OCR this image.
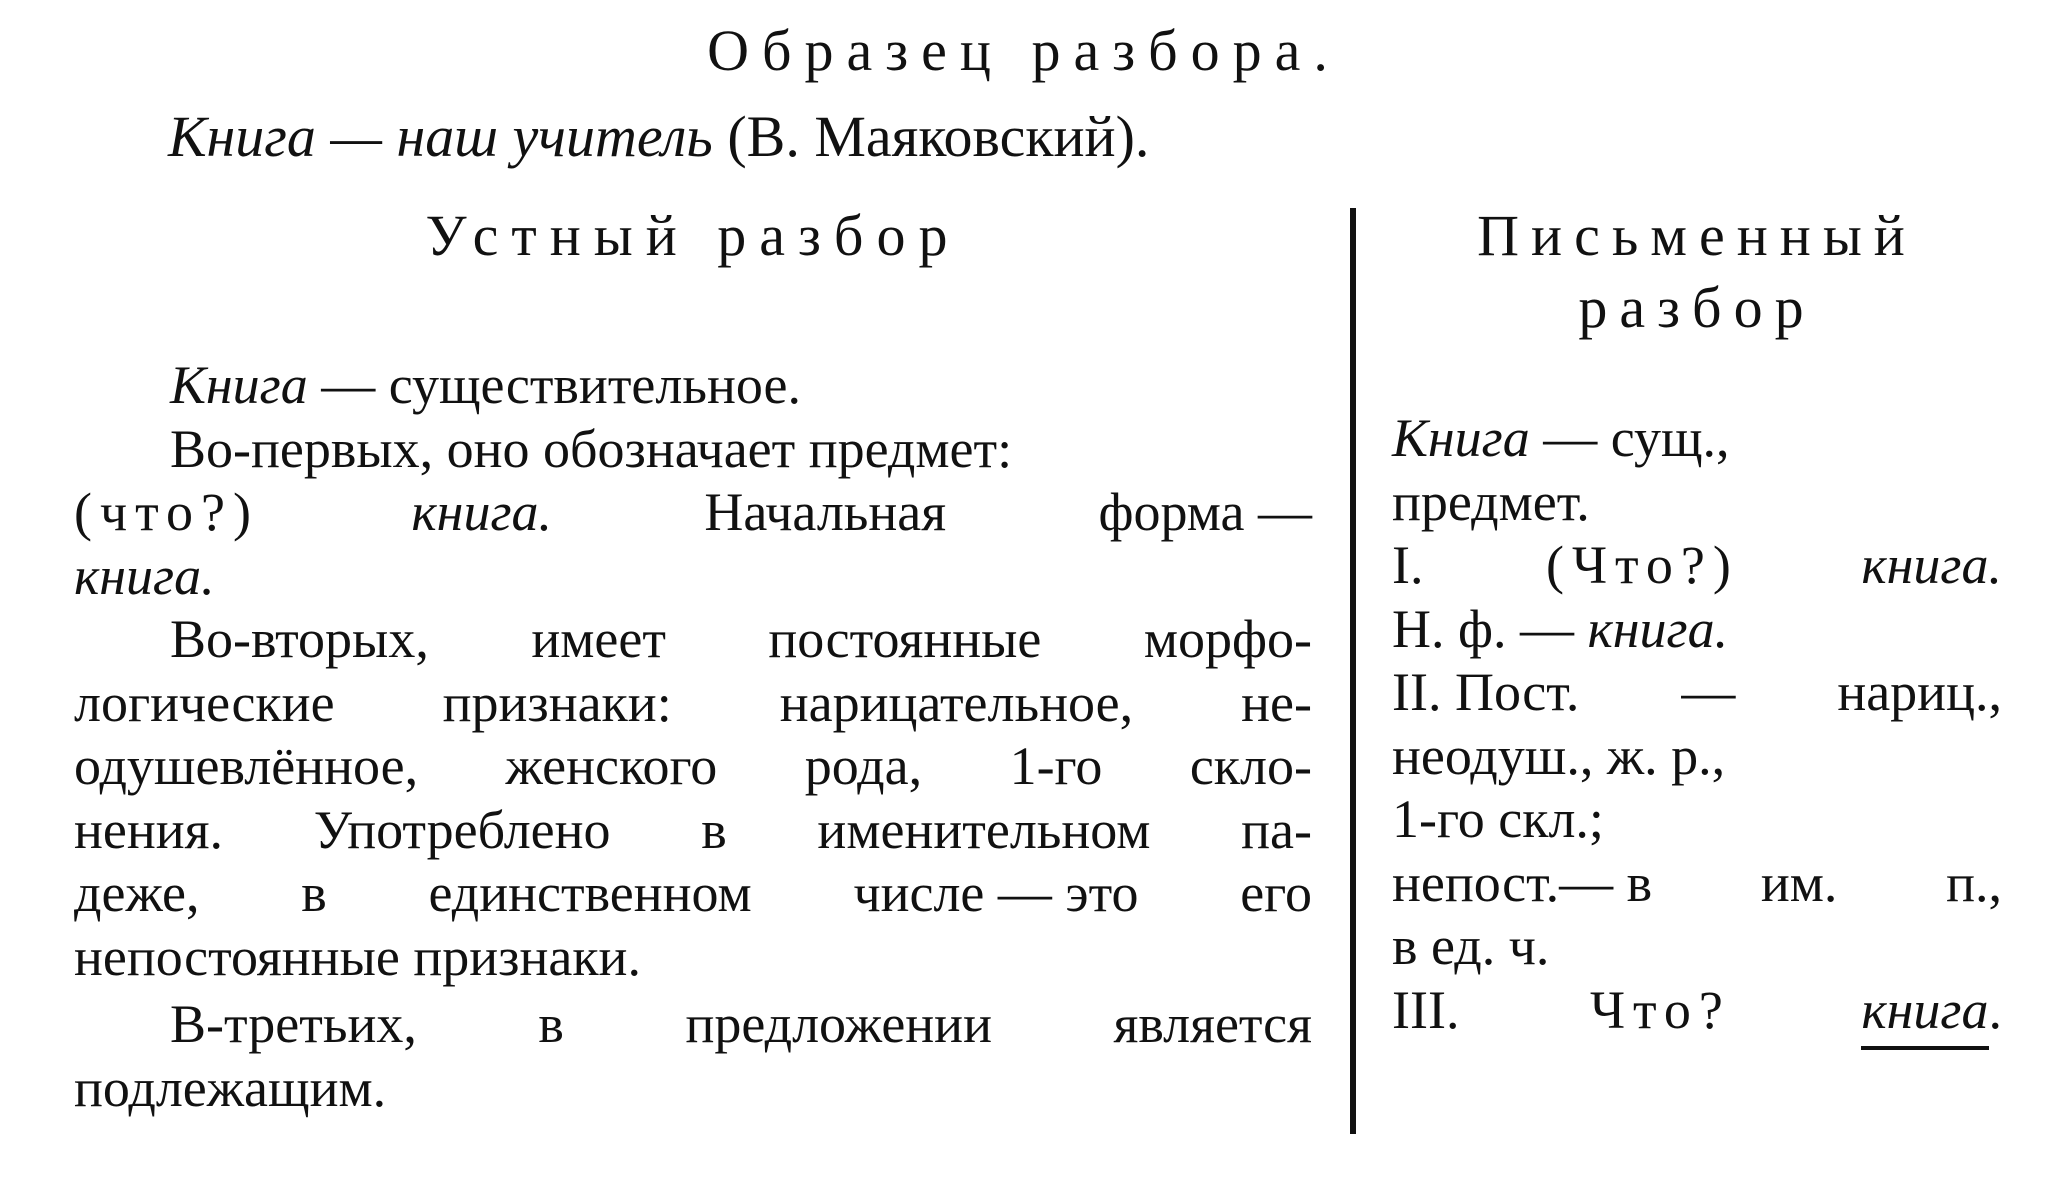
Образец разбора.
Книга — наш учитель (В. Маяковский).
Устный разбор
Книга — существительное.
Во-первых, оно обозначает предмет:
(что?)	книга.	Начальная	форма —
книга.
Во-вторых, имеет постоянные морфо-
логические признаки: нарицательное, не-
одушевлённое, женского рода, 1-го скло-
нения. Употреблено в именительном па-
деже, в единственном числе — это его
непостоянные признаки.
В-третьих, в предложении является
подлежащим.
Письменный
разбор
Книга — сущ.,
предмет.
I. (Что?) книга.
Н. ф. — книга.
II. Пост. — нариц.,
неодуш., ж. р.,
1-го скл.;
непост.— в им. п.,
в ед. ч.
III. Что? книга.
